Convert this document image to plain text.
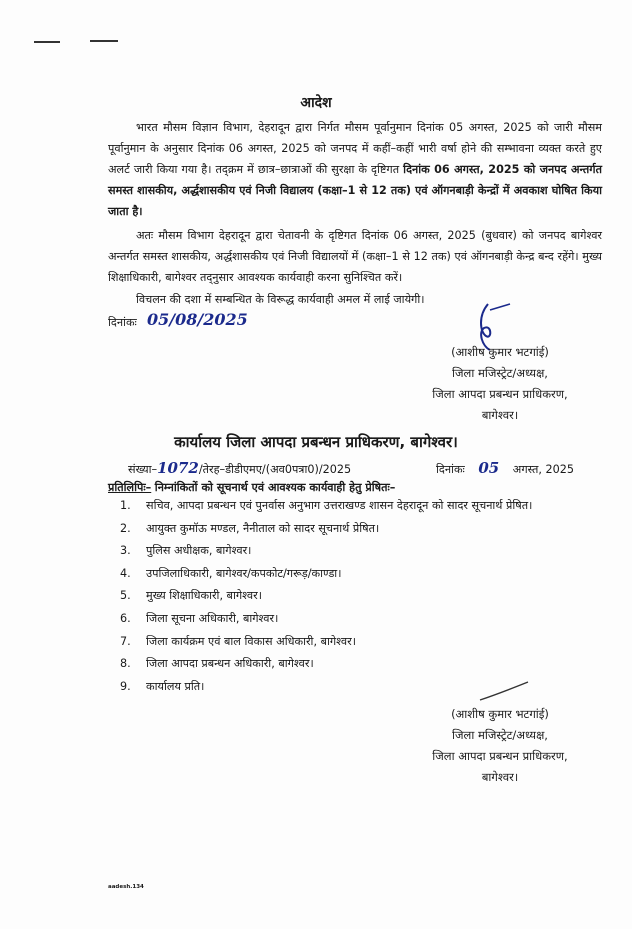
आदेश
भारत मौसम विज्ञान विभाग, देहरादून द्वारा निर्गत मौसम पूर्वानुमान दिनांक 05 अगस्त, 2025 को जारी मौसम पूर्वानुमान के अनुसार दिनांक 06 अगस्त, 2025 को जनपद में कहीं–कहीं भारी वर्षा होने की सम्भावना व्यक्त करते हुए अलर्ट जारी किया गया है। तद्क्रम में छात्र–छात्राओं की सुरक्षा के दृष्टिगत दिनांक 06 अगस्त, 2025 को जनपद अन्तर्गत समस्त शासकीय, अर्द्धशासकीय एवं निजी विद्यालय (कक्षा–1 से 12 तक) एवं ऑगनबाड़ी केन्द्रों में अवकाश घोषित किया जाता है।
अतः मौसम विभाग देहरादून द्वारा चेतावनी के दृष्टिगत दिनांक 06 अगस्त, 2025 (बुधवार) को जनपद बागेश्वर अन्तर्गत समस्त शासकीय, अर्द्धशासकीय एवं निजी विद्यालयों में (कक्षा–1 से 12 तक) एवं ऑगनबाड़ी केन्द्र बन्द रहेंगे। मुख्य शिक्षाधिकारी, बागेश्वर तद्नुसार आवश्यक कार्यवाही करना सुनिश्चित करें।
विचलन की दशा में सम्बन्धित के विरूद्ध कार्यवाही अमल में लाई जायेगी।
दिनांकः 05/08/2025
(आशीष कुमार भटगांई)
जिला मजिस्ट्रेट/अध्यक्ष,
जिला आपदा प्रबन्धन प्राधिकरण,
बागेश्वर।
कार्यालय जिला आपदा प्रबन्धन प्राधिकरण, बागेश्वर।
संख्या–1072/तेरह–डीडीएमए/(अव0पत्रा0)/2025	दिनांकः 05 अगस्त, 2025
प्रतिलिपिः– निम्नांकितों को सूचनार्थ एवं आवश्यक कार्यवाही हेतु प्रेषितः–
1. सचिव, आपदा प्रबन्धन एवं पुनर्वास अनुभाग उत्तराखण्ड शासन देहरादून को सादर सूचनार्थ प्रेषित।
2. आयुक्त कुमॉऊ मण्डल, नैनीताल को सादर सूचनार्थ प्रेषित।
3. पुलिस अधीक्षक, बागेश्वर।
4. उपजिलाधिकारी, बागेश्वर/कपकोट/गरूड़/काण्डा।
5. मुख्य शिक्षाधिकारी, बागेश्वर।
6. जिला सूचना अधिकारी, बागेश्वर।
7. जिला कार्यक्रम एवं बाल विकास अधिकारी, बागेश्वर।
8. जिला आपदा प्रबन्धन अधिकारी, बागेश्वर।
9. कार्यालय प्रति।
(आशीष कुमार भटगांई)
जिला मजिस्ट्रेट/अध्यक्ष,
जिला आपदा प्रबन्धन प्राधिकरण,
बागेश्वर।
aadesh.134
